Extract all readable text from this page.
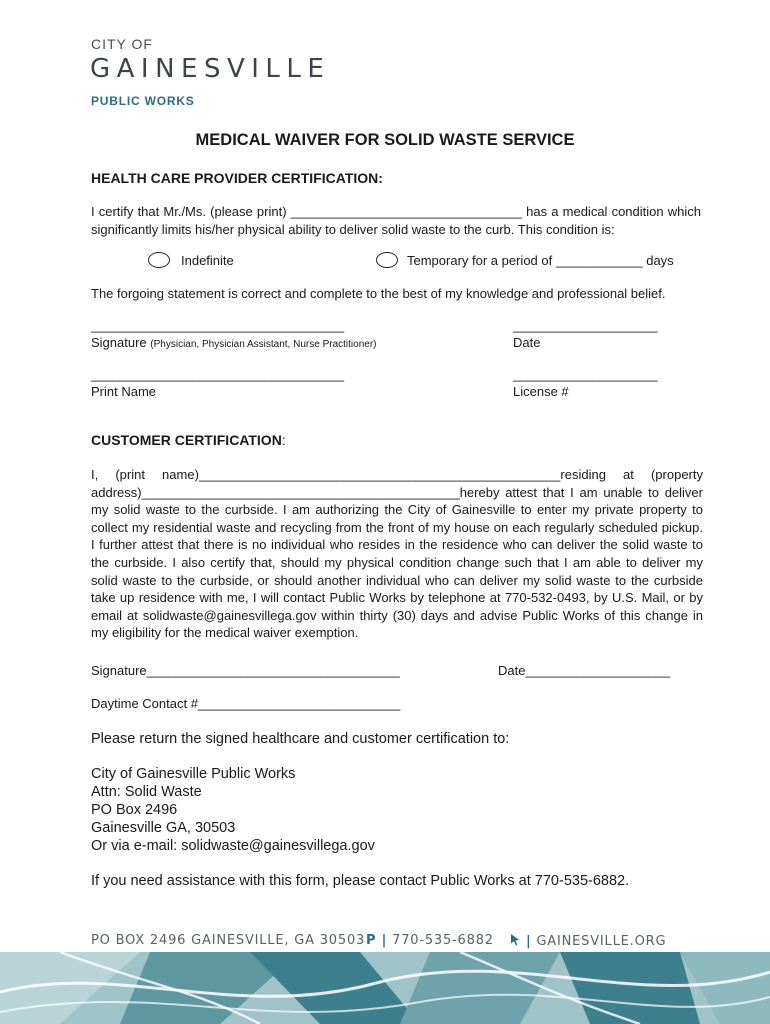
CITY OF
GAINESVILLE
PUBLIC WORKS
MEDICAL WAIVER FOR SOLID WASTE SERVICE
HEALTH CARE PROVIDER CERTIFICATION:
I certify that Mr./Ms. (please print) ________________________________ has a medical condition which significantly limits his/her physical ability to deliver solid waste to the curb. This condition is:
Indefinite	Temporary for a period of ____________ days
The forgoing statement is correct and complete to the best of my knowledge and professional belief.
___________________________________
Signature (Physician, Physician Assistant, Nurse Practitioner)
____________________
Date
___________________________________
Print Name
____________________
License #
CUSTOMER CERTIFICATION:
I, (print name)__________________________________________________residing at (property address)____________________________________________hereby attest that I am unable to deliver my solid waste to the curbside. I am authorizing the City of Gainesville to enter my private property to collect my residential waste and recycling from the front of my house on each regularly scheduled pickup. I further attest that there is no individual who resides in the residence who can deliver the solid waste to the curbside. I also certify that, should my physical condition change such that I am able to deliver my solid waste to the curbside, or should another individual who can deliver my solid waste to the curbside take up residence with me, I will contact Public Works by telephone at 770-532-0493, by U.S. Mail, or by email at solidwaste@gainesvillega.gov within thirty (30) days and advise Public Works of this change in my eligibility for the medical waiver exemption.
Signature___________________________________	Date____________________
Daytime Contact #____________________________
Please return the signed healthcare and customer certification to:
City of Gainesville Public Works
Attn: Solid Waste
PO Box 2496
Gainesville GA, 30503
Or via e-mail: solidwaste@gainesvillega.gov
If you need assistance with this form, please contact Public Works at 770-535-6882.
PO BOX 2496 GAINESVILLE, GA 30503 P | 770-535-6882	| GAINESVILLE.ORG
